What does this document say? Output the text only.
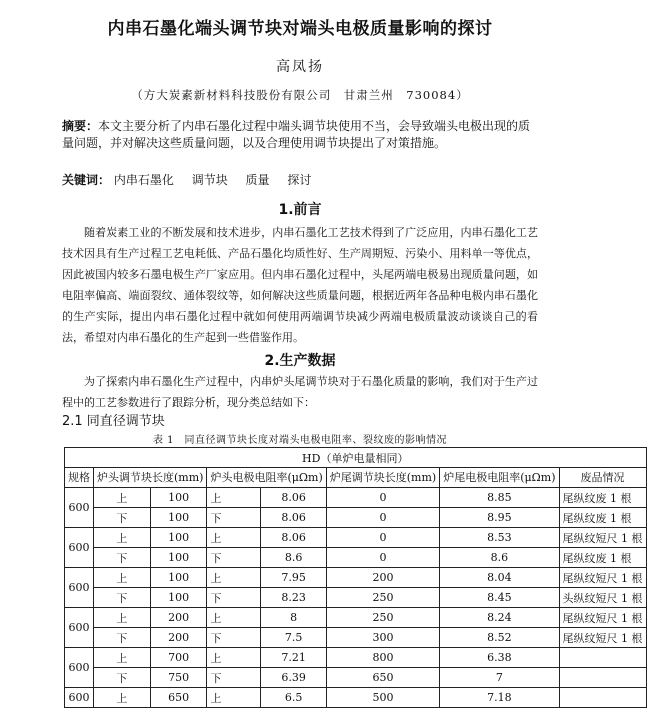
内串石墨化端头调节块对端头电极质量影响的探讨
高凤扬
（方大炭素新材料科技股份有限公司　甘肃兰州　730084）
摘要：本文主要分析了内串石墨化过程中端头调节块使用不当，会导致端头电极出现的质量问题，并对解决这些质量问题，以及合理使用调节块提出了对策措施。
关键词： 内串石墨化 调节块 质量 探讨
1.前言
随着炭素工业的不断发展和技术进步，内串石墨化工艺技术得到了广泛应用，内串石墨化工艺技术因具有生产过程工艺电耗低、产品石墨化均质性好、生产周期短、污染小、用料单一等优点，因此被国内较多石墨电极生产厂家应用。但内串石墨化过程中，头尾两端电极易出现质量问题，如电阻率偏高、端面裂纹、通体裂纹等，如何解决这些质量问题，根据近两年各品种电极内串石墨化的生产实际，提出内串石墨化过程中就如何使用两端调节块减少两端电极质量波动谈谈自己的看法，希望对内串石墨化的生产起到一些借鉴作用。
2.生产数据
为了探索内串石墨化生产过程中，内串炉头尾调节块对于石墨化质量的影响，我们对于生产过程中的工艺参数进行了跟踪分析，现分类总结如下：
2.1 同直径调节块
表 1　同直径调节块长度对端头电极电阻率、裂纹废的影响情况
HD（单炉电量相同）							
规格	炉头调节块长度(mm)		炉头电极电阻率(μΩm)		炉尾调节块长度(mm)	炉尾电极电阻率(μΩm)	废品情况
600	上	100	上	8.06	0	8.85	尾纵纹废 1 根
	下	100	下	8.06	0	8.95	尾纵纹废 1 根
600	上	100	上	8.06	0	8.53	尾纵纹短尺 1 根
	下	100	下	8.6	0	8.6	尾纵纹废 1 根
600	上	100	上	7.95	200	8.04	尾纵纹短尺 1 根
	下	100	下	8.23	250	8.45	头纵纹短尺 1 根
600	上	200	上	8	250	8.24	尾纵纹短尺 1 根
	下	200	下	7.5	300	8.52	尾纵纹短尺 1 根
600	上	700	上	7.21	800	6.38	
	下	750	下	6.39	650	7	
600	上	650	上	6.5	500	7.18	
